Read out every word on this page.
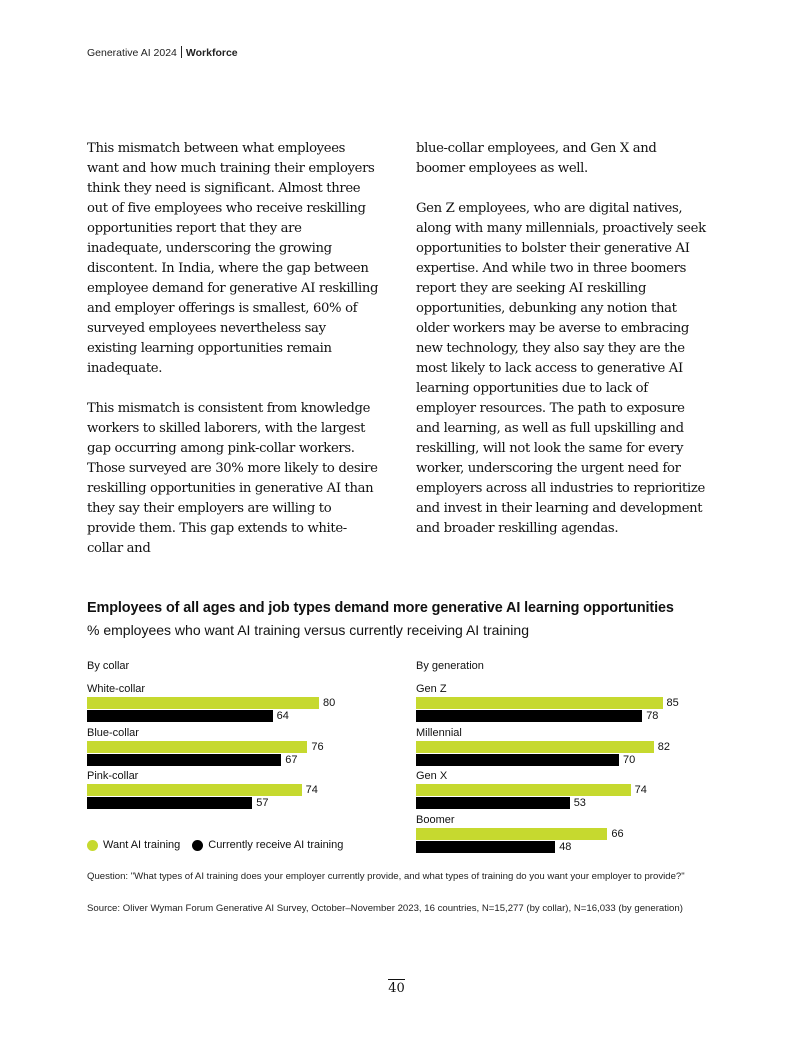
Generative AI 2024 Workforce

This mismatch between what employees want and how much training their employers think they need is significant. Almost three out of five employees who receive reskilling opportunities report that they are inadequate, underscoring the growing discontent. In India, where the gap between employee demand for generative AI reskilling and employer offerings is smallest, 60% of surveyed employees nevertheless say existing learning opportunities remain inadequate.

This mismatch is consistent from knowledge workers to skilled laborers, with the largest gap occurring among pink-collar workers. Those surveyed are 30% more likely to desire reskilling opportunities in generative AI than they say their employers are willing to provide them. This gap extends to white-collar and

blue-collar employees, and Gen X and boomer employees as well.

Gen Z employees, who are digital natives, along with many millennials, proactively seek opportunities to bolster their generative AI expertise. And while two in three boomers report they are seeking AI reskilling opportunities, debunking any notion that older workers may be averse to embracing new technology, they also say they are the most likely to lack access to generative AI learning opportunities due to lack of employer resources. The path to exposure and learning, as well as full upskilling and reskilling, will not look the same for every worker, underscoring the urgent need for employers across all industries to reprioritize and invest in their learning and development and broader reskilling agendas.

Employees of all ages and job types demand more generative AI learning opportunities
% employees who want AI training versus currently receiving AI training
By collar	By generation
White-collar
80
64
Blue-collar
76
67
Pink-collar
74
57
Gen Z
85
78
Millennial
82
70
Gen X
74
53
Boomer
66
48
Want AI training	Currently receive AI training
Question: "What types of AI training does your employer currently provide, and what types of training do you want your employer to provide?"
Source: Oliver Wyman Forum Generative AI Survey, October–November 2023, 16 countries, N=15,277 (by collar), N=16,033 (by generation)
40
